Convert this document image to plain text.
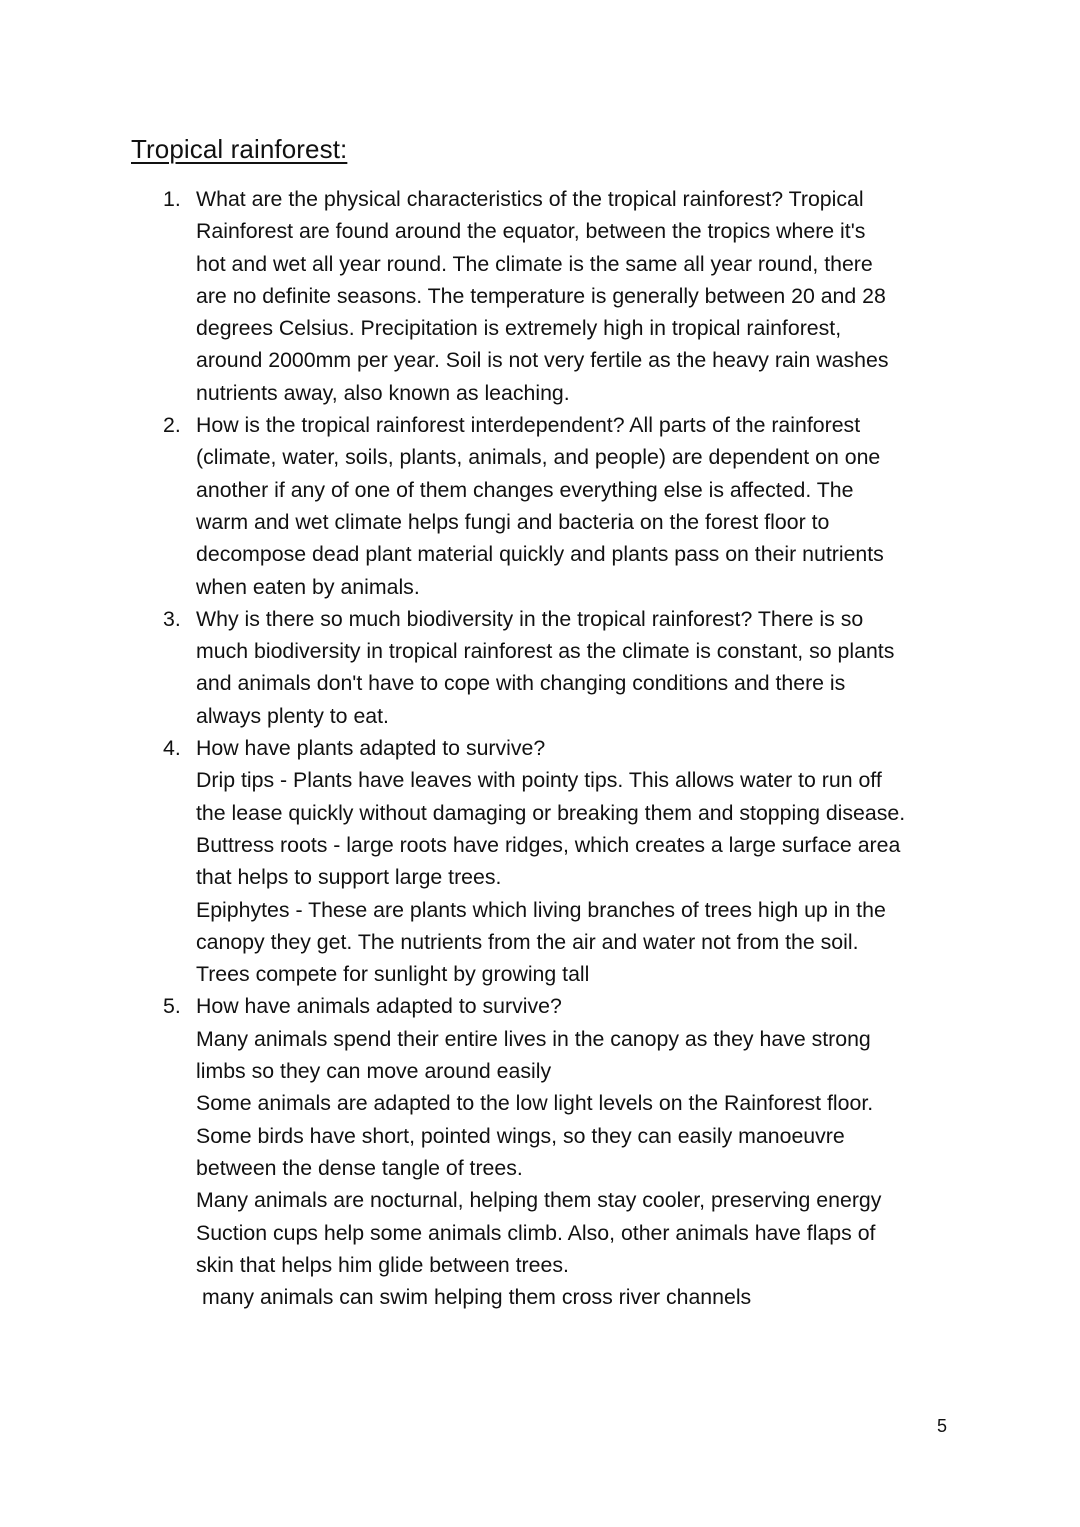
Tropical rainforest:
1. What are the physical characteristics of the tropical rainforest? Tropical
Rainforest are found around the equator, between the tropics where it's
hot and wet all year round. The climate is the same all year round, there
are no definite seasons. The temperature is generally between 20 and 28
degrees Celsius. Precipitation is extremely high in tropical rainforest,
around 2000mm per year. Soil is not very fertile as the heavy rain washes
nutrients away, also known as leaching.
2. How is the tropical rainforest interdependent? All parts of the rainforest
(climate, water, soils, plants, animals, and people) are dependent on one
another if any of one of them changes everything else is affected. The
warm and wet climate helps fungi and bacteria on the forest floor to
decompose dead plant material quickly and plants pass on their nutrients
when eaten by animals.
3. Why is there so much biodiversity in the tropical rainforest? There is so
much biodiversity in tropical rainforest as the climate is constant, so plants
and animals don't have to cope with changing conditions and there is
always plenty to eat.
4. How have plants adapted to survive?
Drip tips - Plants have leaves with pointy tips. This allows water to run off
the lease quickly without damaging or breaking them and stopping disease.
Buttress roots - large roots have ridges, which creates a large surface area
that helps to support large trees.
Epiphytes - These are plants which living branches of trees high up in the
canopy they get. The nutrients from the air and water not from the soil.
Trees compete for sunlight by growing tall
5. How have animals adapted to survive?
Many animals spend their entire lives in the canopy as they have strong
limbs so they can move around easily
Some animals are adapted to the low light levels on the Rainforest floor.
Some birds have short, pointed wings, so they can easily manoeuvre
between the dense tangle of trees.
Many animals are nocturnal, helping them stay cooler, preserving energy
Suction cups help some animals climb. Also, other animals have flaps of
skin that helps him glide between trees.
many animals can swim helping them cross river channels
5
